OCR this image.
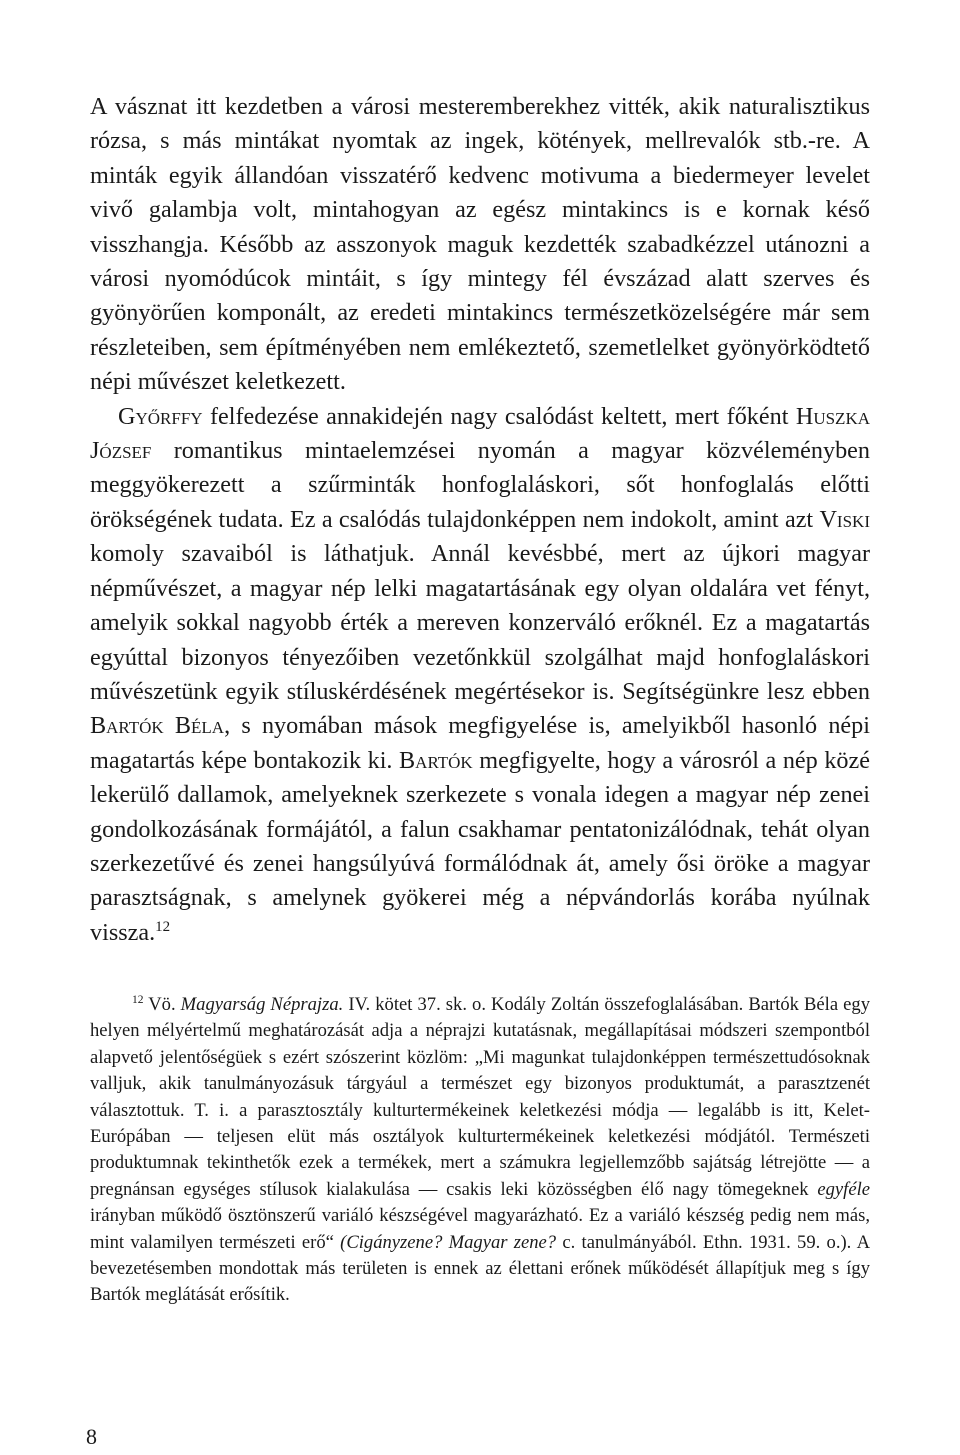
A vásznat itt kezdetben a városi mesteremberekhez vitték, akik naturalisztikus rózsa, s más mintákat nyomtak az ingek, kötények, mellrevalók stb.-re. A minták egyik állandóan visszatérő kedvenc motivuma a biedermeyer levelet vivő galambja volt, mintahogyan az egész mintakincs is e kornak késő visszhangja. Később az asszonyok maguk kezdették szabadkézzel utánozni a városi nyomódúcok mintáit, s így mintegy fél évszázad alatt szerves és gyönyörűen komponált, az eredeti mintakincs természetközelségére már sem részleteiben, sem építményében nem emlékeztető, szemetlelket gyönyörködtető népi művészet keletkezett.

Győrffy felfedezése annakidején nagy csalódást keltett, mert főként Huszka József romantikus mintaelemzései nyomán a magyar közvéleményben meggyökerezett a szűrminták honfoglaláskori, sőt honfoglalás előtti örökségének tudata. Ez a csalódás tulajdonképpen nem indokolt, amint azt Viski komoly szavaiból is láthatjuk. Annál kevésbbé, mert az újkori magyar népművészet, a magyar nép lelki magatartásának egy olyan oldalára vet fényt, amelyik sokkal nagyobb érték a mereven konzerváló erőknél. Ez a magatartás egyúttal bizonyos tényezőiben vezetőnkkül szolgálhat majd honfoglaláskori művészetünk egyik stíluskérdésének megértésekor is. Segítségünkre lesz ebben Bartók Béla, s nyomában mások megfigyelése is, amelyikből hasonló népi magatartás képe bontakozik ki. Bartók megfigyelte, hogy a városról a nép közé lekerülő dallamok, amelyeknek szerkezete s vonala idegen a magyar nép zenei gondolkozásának formájától, a falun csakhamar pentatonizálódnak, tehát olyan szerkezetűvé és zenei hangsúlyúvá formálódnak át, amely ősi öröke a magyar parasztságnak, s amelynek gyökerei még a népvándorlás korába nyúlnak vissza.$^{12}$

$^{12}$ Vö. Magyarság Néprajza. IV. kötet 37. sk. o. Kodály Zoltán összefoglalásában. Bartók Béla egy helyen mélyértelmű meghatározását adja a néprajzi kutatásnak, megállapításai módszeri szempontból alapvető jelentőségüek s ezért szószerint közlöm: „Mi magunkat tulajdonképpen természettudósoknak valljuk, akik tanulmányozásuk tárgyául a természet egy bizonyos produktumát, a parasztzenét választottuk. T. i. a parasztosztály kulturtermékeinek keletkezési módja — legalább is itt, Kelet-Európában — teljesen elüt más osztályok kulturtermékeinek keletkezési módjától. Természeti produktumnak tekinthetők ezek a termékek, mert a számukra legjellemzőbb sajátság létrejötte — a pregnánsan egységes stílusok kialakulása — csakis leki közösségben élő nagy tömegeknek egyféle irányban működő ösztönszerű variáló készségével magyarázható. Ez a variáló készség pedig nem más, mint valamilyen természeti erő“ (Cigányzene? Magyar zene? c. tanulmányából. Ethn. 1931. 59. o.). A bevezetésemben mondottak más területen is ennek az élettani erőnek működését állapítjuk meg s így Bartók meglátását erősítik.

8
